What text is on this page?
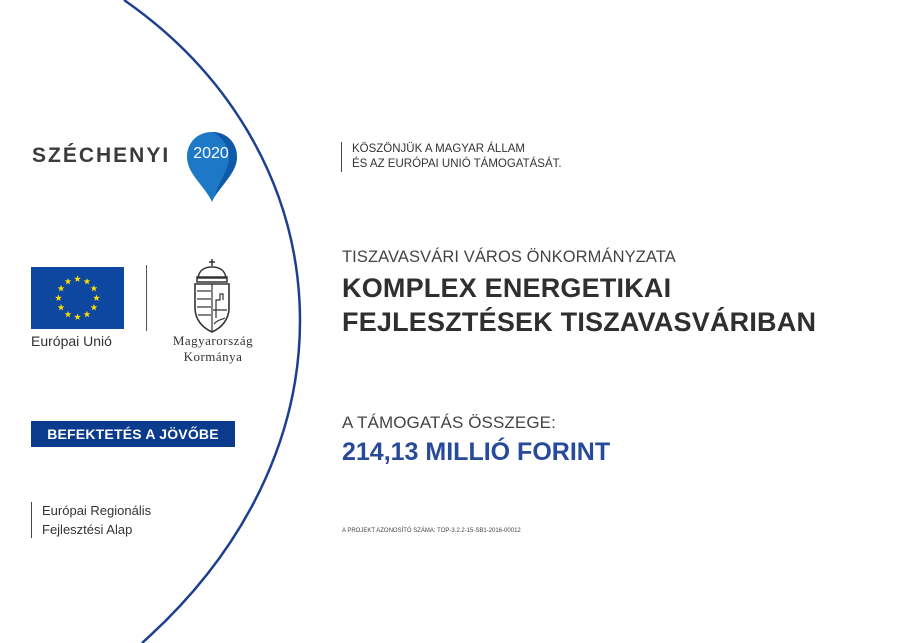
SZÉCHENYI	2020
Európai Unió	Magyarország
Kormánya
BEFEKTETÉS A JÖVŐBE
Európai Regionális
Fejlesztési Alap
KÖSZÖNJÜK A MAGYAR ÁLLAM
ÉS AZ EURÓPAI UNIÓ TÁMOGATÁSÁT.
TISZAVASVÁRI VÁROS ÖNKORMÁNYZATA
KOMPLEX ENERGETIKAI
FEJLESZTÉSEK TISZAVASVÁRIBAN
A TÁMOGATÁS ÖSSZEGE:
214,13 MILLIÓ FORINT
A PROJEKT AZONOSÍTÓ SZÁMA: TOP-3.2.2-15-SB1-2016-00012
